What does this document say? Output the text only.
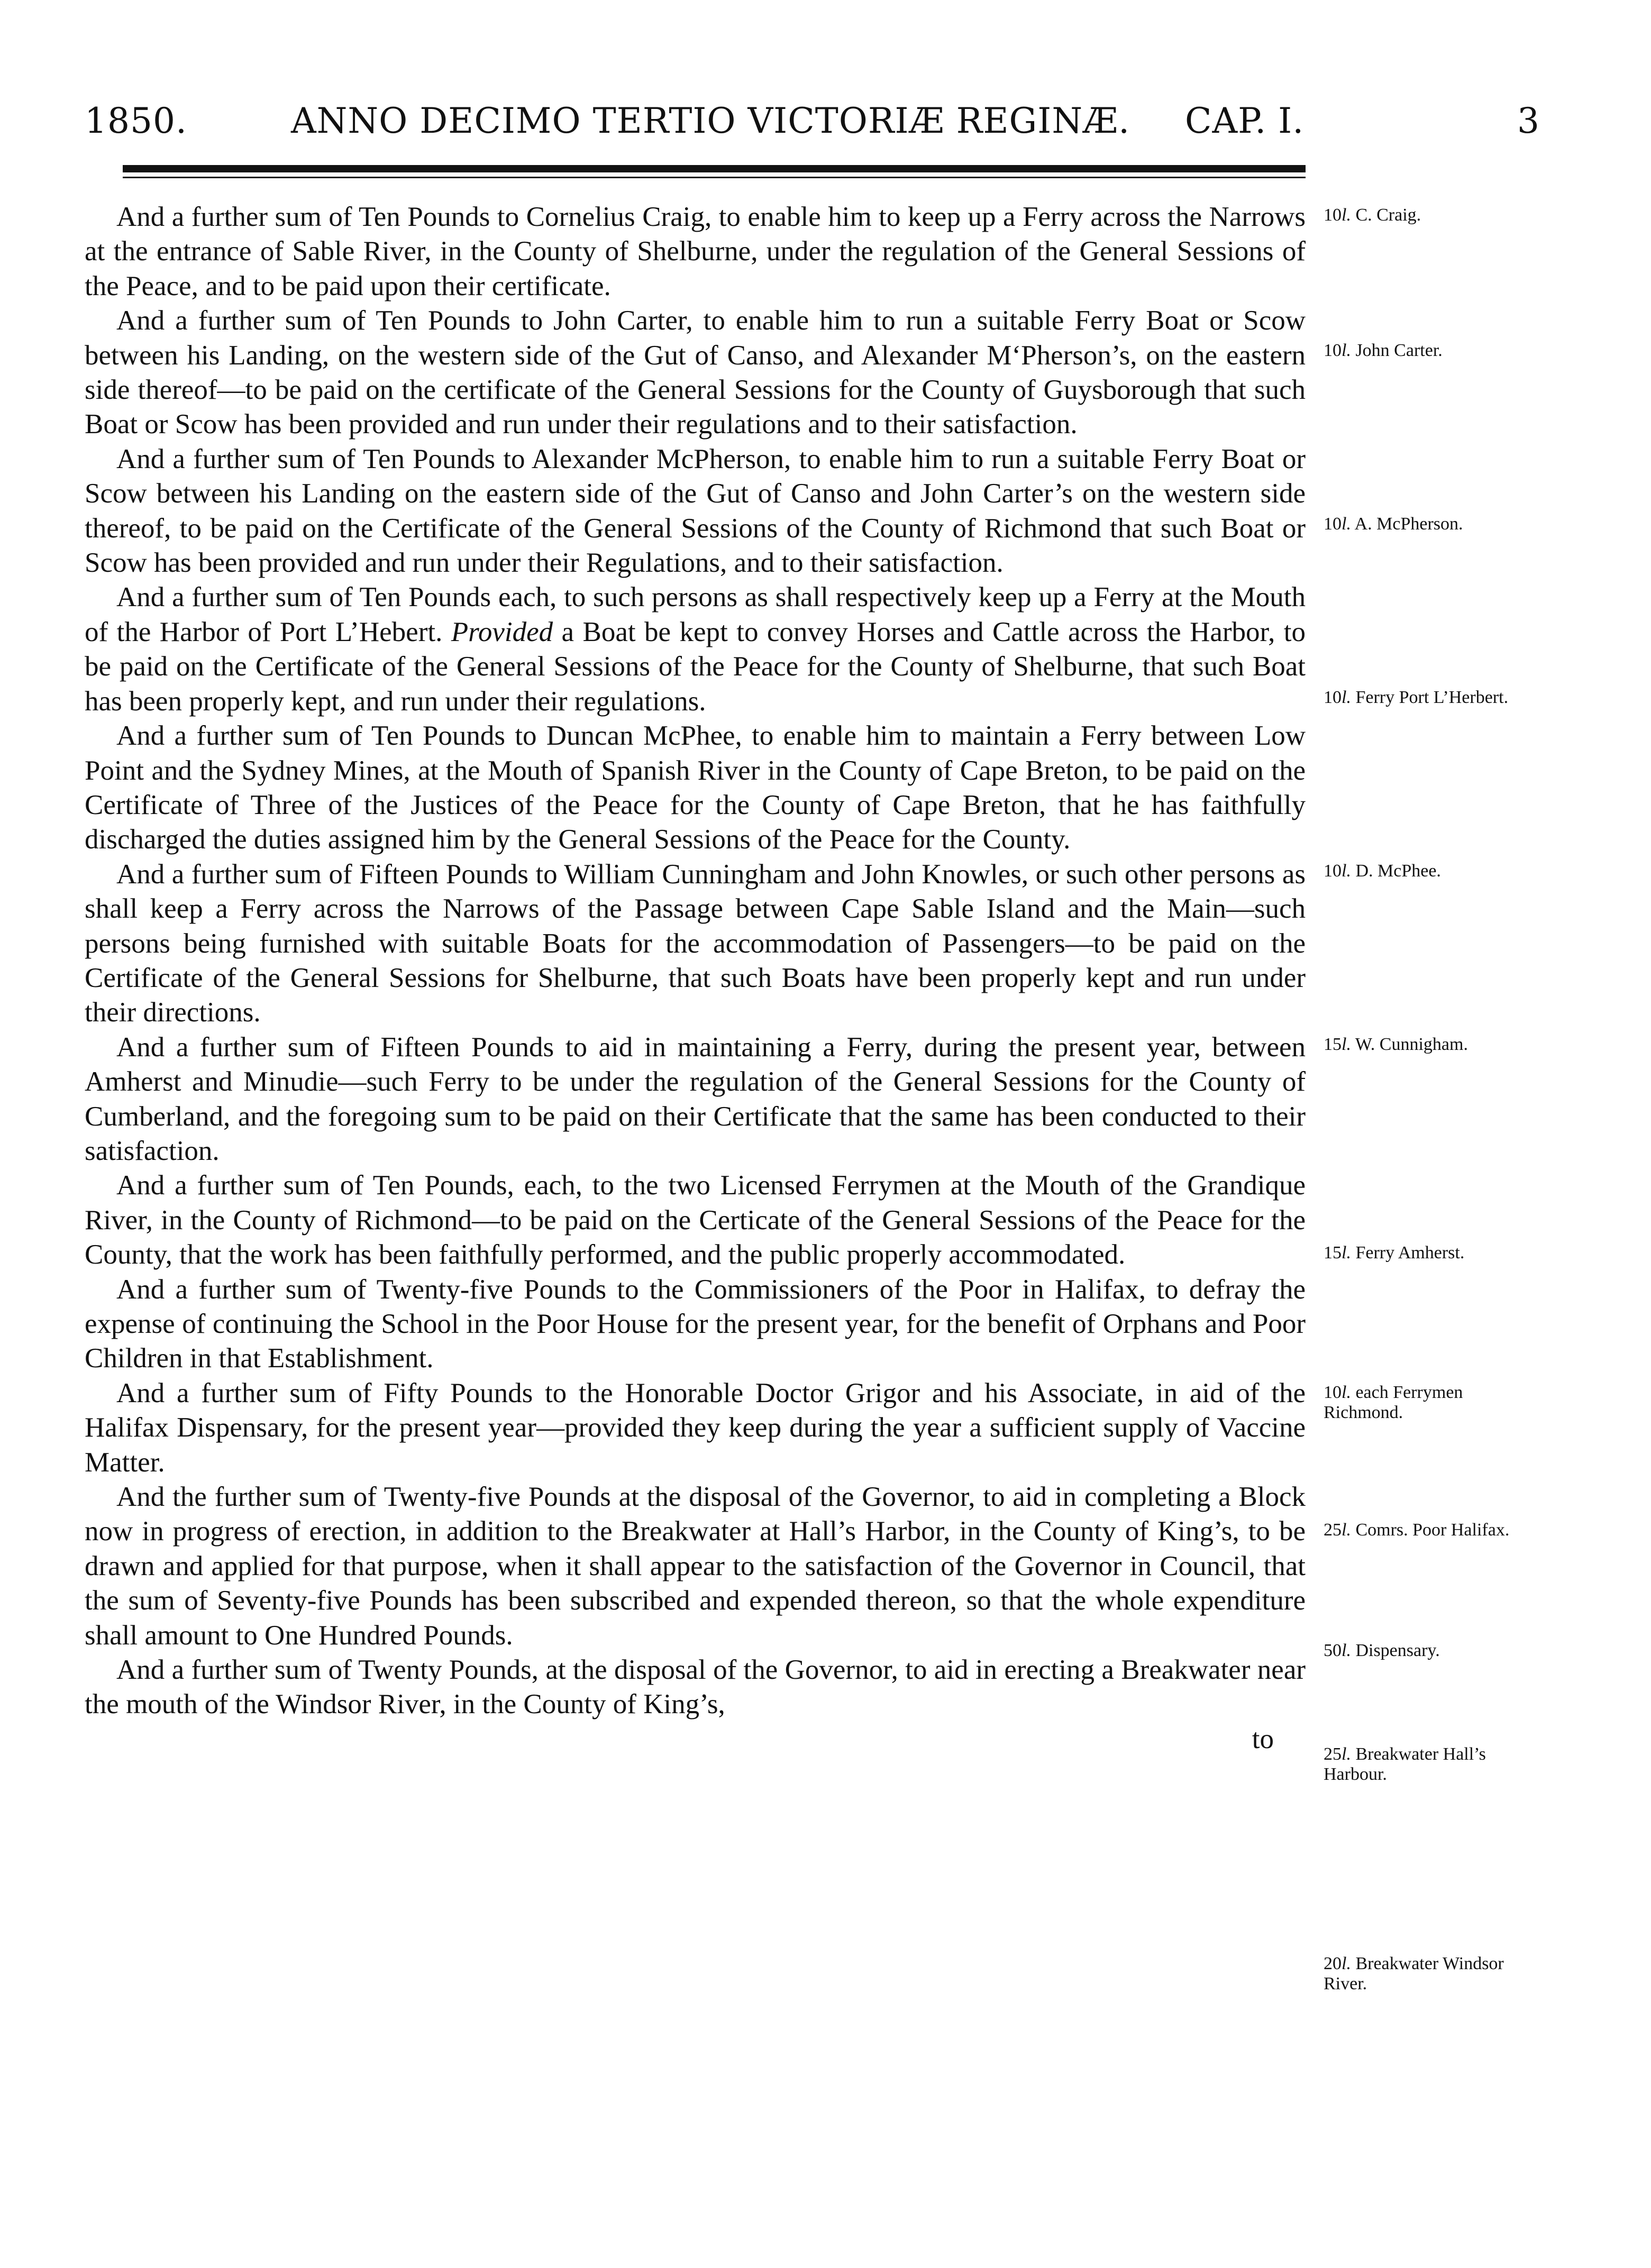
1850.	ANNO DECIMO TERTIO VICTORIÆ REGINÆ. CAP. I.	3

And a further sum of Ten Pounds to Cornelius Craig, to enable him to keep up a Ferry across the Narrows at the entrance of Sable River, in the County of Shelburne, under the regulation of the General Sessions of the Peace, and to be paid upon their certificate.

And a further sum of Ten Pounds to John Carter, to enable him to run a suitable Ferry Boat or Scow between his Landing, on the western side of the Gut of Canso, and Alexander M‘Pherson’s, on the eastern side thereof—to be paid on the certificate of the General Sessions for the County of Guysborough that such Boat or Scow has been provided and run under their regulations and to their satisfaction.

And a further sum of Ten Pounds to Alexander McPherson, to enable him to run a suitable Ferry Boat or Scow between his Landing on the eastern side of the Gut of Canso and John Carter’s on the western side thereof, to be paid on the Certificate of the General Sessions of the County of Richmond that such Boat or Scow has been provided and run under their Regulations, and to their satisfaction.

And a further sum of Ten Pounds each, to such persons as shall respectively keep up a Ferry at the Mouth of the Harbor of Port L’Hebert. Provided a Boat be kept to convey Horses and Cattle across the Harbor, to be paid on the Certificate of the General Sessions of the Peace for the County of Shelburne, that such Boat has been properly kept, and run under their regulations.

And a further sum of Ten Pounds to Duncan McPhee, to enable him to maintain a Ferry between Low Point and the Sydney Mines, at the Mouth of Spanish River in the County of Cape Breton, to be paid on the Certificate of Three of the Justices of the Peace for the County of Cape Breton, that he has faithfully discharged the duties assigned him by the General Sessions of the Peace for the County.

And a further sum of Fifteen Pounds to William Cunningham and John Knowles, or such other persons as shall keep a Ferry across the Narrows of the Passage between Cape Sable Island and the Main—such persons being furnished with suitable Boats for the accommodation of Passengers—to be paid on the Certificate of the General Sessions for Shelburne, that such Boats have been properly kept and run under their directions.

And a further sum of Fifteen Pounds to aid in maintaining a Ferry, during the present year, between Amherst and Minudie—such Ferry to be under the regulation of the General Sessions for the County of Cumberland, and the foregoing sum to be paid on their Certificate that the same has been conducted to their satisfaction.

And a further sum of Ten Pounds, each, to the two Licensed Ferrymen at the Mouth of the Grandique River, in the County of Richmond—to be paid on the Certicate of the General Sessions of the Peace for the County, that the work has been faithfully performed, and the public properly accommodated.

And a further sum of Twenty-five Pounds to the Commissioners of the Poor in Halifax, to defray the expense of continuing the School in the Poor House for the present year, for the benefit of Orphans and Poor Children in that Establishment.

And a further sum of Fifty Pounds to the Honorable Doctor Grigor and his Associate, in aid of the Halifax Dispensary, for the present year—provided they keep during the year a sufficient supply of Vaccine Matter.

And the further sum of Twenty-five Pounds at the disposal of the Governor, to aid in completing a Block now in progress of erection, in addition to the Breakwater at Hall’s Harbor, in the County of King’s, to be drawn and applied for that purpose, when it shall appear to the satisfaction of the Governor in Council, that the sum of Seventy-five Pounds has been subscribed and expended thereon, so that the whole expenditure shall amount to One Hundred Pounds.

And a further sum of Twenty Pounds, at the disposal of the Governor, to aid in erecting a Breakwater near the mouth of the Windsor River, in the County of King’s,

to
10l. C. Craig.
10l. John Carter.
10l. A. McPherson.
10l. Ferry Port L’Herbert.
10l. D. McPhee.
15l. W. Cunnigham.
15l. Ferry Amherst.
10l. each Ferrymen Richmond.
25l. Comrs. Poor Halifax.
50l. Dispensary.
25l. Breakwater Hall’s Harbour.
20l. Breakwater Windsor River.
